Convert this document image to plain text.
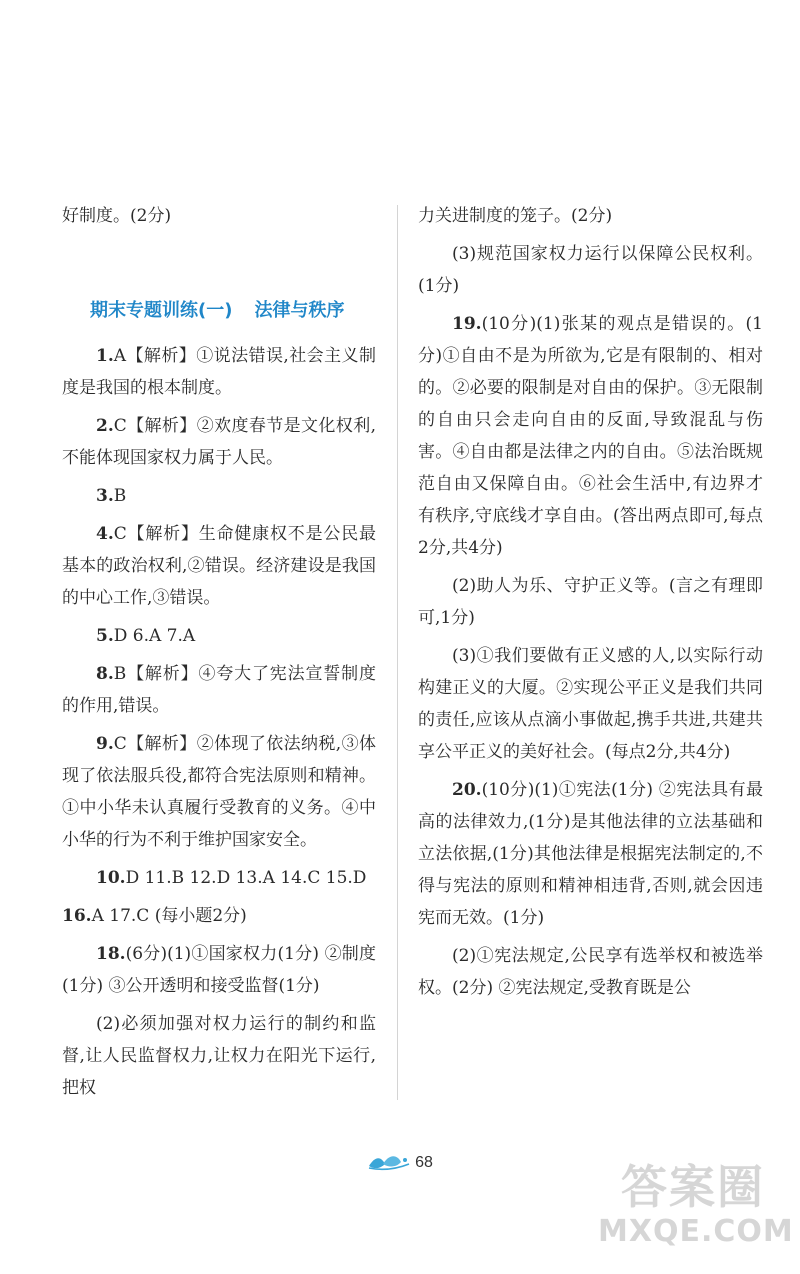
好制度。(2分)

期末专题训练(一) 法律与秩序

1.A【解析】①说法错误,社会主义制度是我国的根本制度。

2.C【解析】②欢度春节是文化权利,不能体现国家权力属于人民。

3.B

4.C【解析】生命健康权不是公民最基本的政治权利,②错误。经济建设是我国的中心工作,③错误。

5.D 6.A 7.A

8.B【解析】④夸大了宪法宣誓制度的作用,错误。

9.C【解析】②体现了依法纳税,③体现了依法服兵役,都符合宪法原则和精神。①中小华未认真履行受教育的义务。④中小华的行为不利于维护国家安全。

10.D 11.B 12.D 13.A 14.C 15.D

16.A 17.C (每小题2分)

18.(6分)(1)①国家权力(1分) ②制度(1分) ③公开透明和接受监督(1分)

(2)必须加强对权力运行的制约和监督,让人民监督权力,让权力在阳光下运行,把权

力关进制度的笼子。(2分)

(3)规范国家权力运行以保障公民权利。(1分)

19.(10分)(1)张某的观点是错误的。(1分)①自由不是为所欲为,它是有限制的、相对的。②必要的限制是对自由的保护。③无限制的自由只会走向自由的反面,导致混乱与伤害。④自由都是法律之内的自由。⑤法治既规范自由又保障自由。⑥社会生活中,有边界才有秩序,守底线才享自由。(答出两点即可,每点2分,共4分)

(2)助人为乐、守护正义等。(言之有理即可,1分)

(3)①我们要做有正义感的人,以实际行动构建正义的大厦。②实现公平正义是我们共同的责任,应该从点滴小事做起,携手共进,共建共享公平正义的美好社会。(每点2分,共4分)

20.(10分)(1)①宪法(1分) ②宪法具有最高的法律效力,(1分)是其他法律的立法基础和立法依据,(1分)其他法律是根据宪法制定的,不得与宪法的原则和精神相违背,否则,就会因违宪而无效。(1分)

(2)①宪法规定,公民享有选举权和被选举权。(2分) ②宪法规定,受教育既是公

68	答案圈
MXQE.COM
